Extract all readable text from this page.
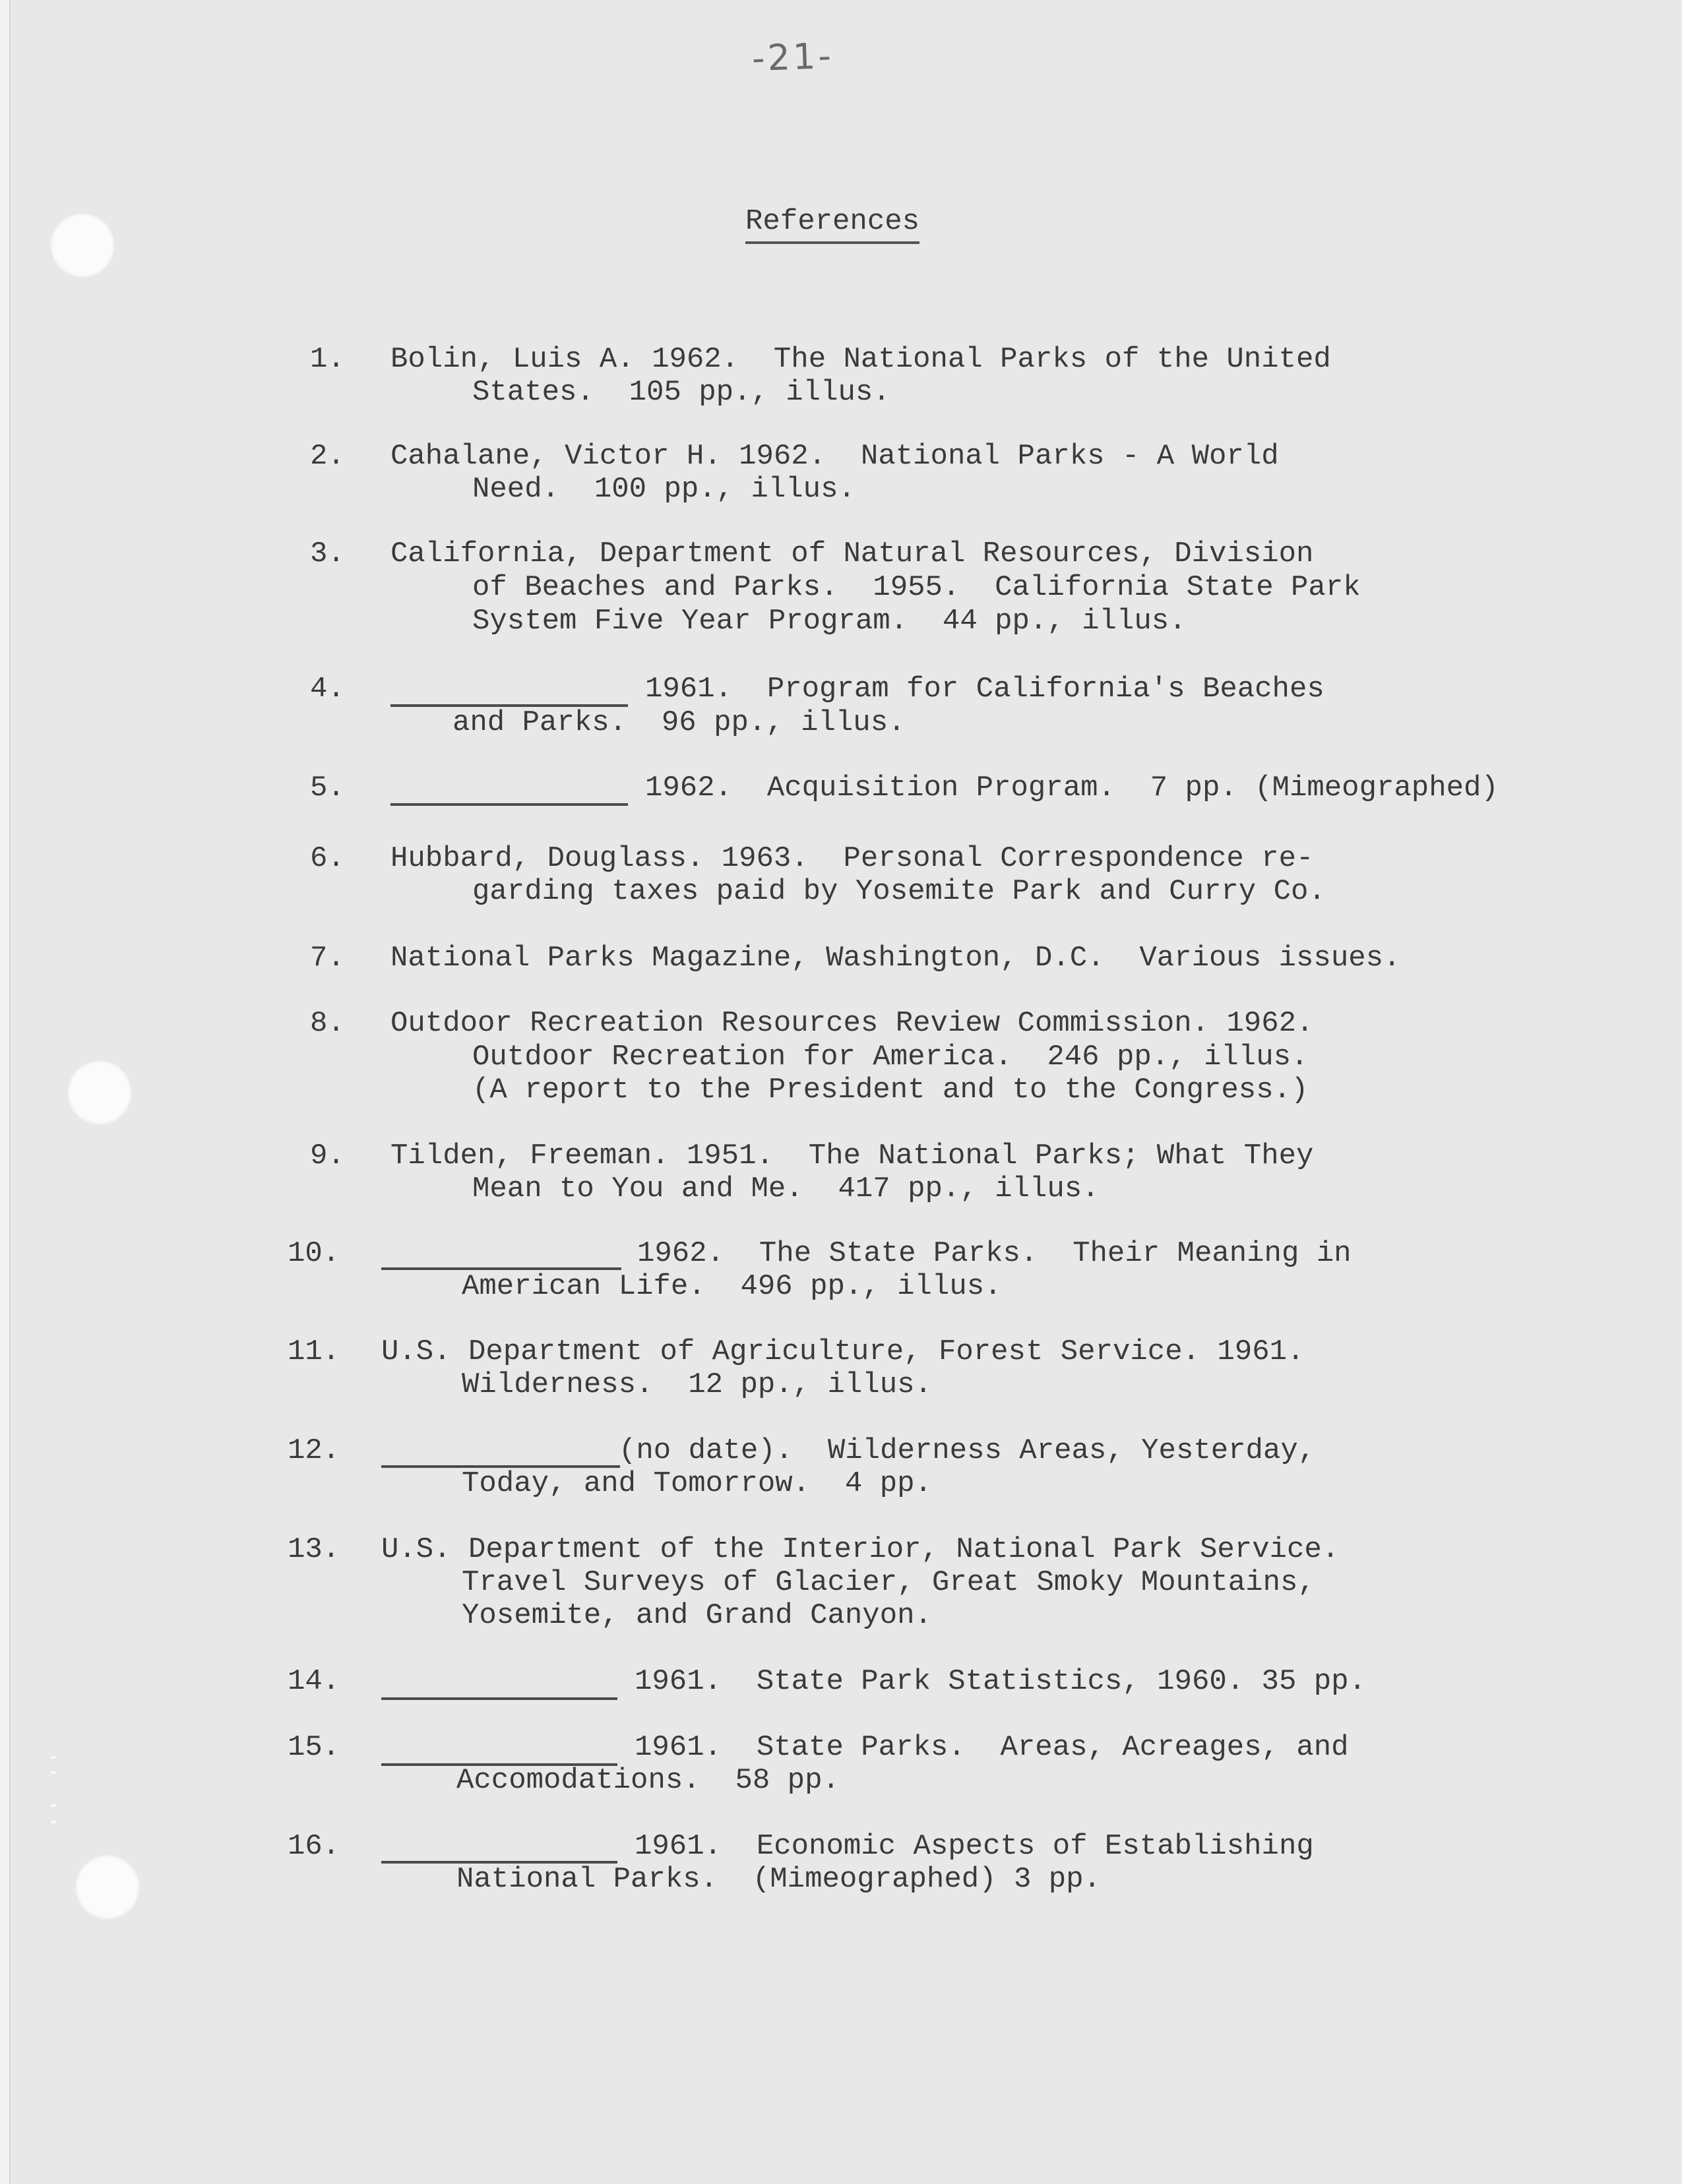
-21-
References

1.

Bolin, Luis A. 1962.  The National Parks of the United

States.  105 pp., illus.

2.

Cahalane, Victor H. 1962.  National Parks - A World

Need.  100 pp., illus.

3.

California, Department of Natural Resources, Division

of Beaches and Parks.  1955.  California State Park

System Five Year Program.  44 pp., illus.

4.

	1961.  Program for California's Beaches

and Parks.  96 pp., illus.

5.

	1962.  Acquisition Program.  7 pp. (Mimeographed)

6.

Hubbard, Douglass. 1963.  Personal Correspondence re-

garding taxes paid by Yosemite Park and Curry Co.

7.

National Parks Magazine, Washington, D.C.  Various issues.

8.

Outdoor Recreation Resources Review Commission. 1962.

Outdoor Recreation for America.  246 pp., illus.

(A report to the President and to the Congress.)

9.

Tilden, Freeman. 1951.  The National Parks; What They

Mean to You and Me.  417 pp., illus.

10.

	1962.  The State Parks.  Their Meaning in

American Life.  496 pp., illus.

11.

U.S. Department of Agriculture, Forest Service. 1961.

Wilderness.  12 pp., illus.

12.

	(no date).  Wilderness Areas, Yesterday,

Today, and Tomorrow.  4 pp.

13.

U.S. Department of the Interior, National Park Service.

Travel Surveys of Glacier, Great Smoky Mountains,

Yosemite, and Grand Canyon.

14.

	1961.  State Park Statistics, 1960. 35 pp.

15.

	1961.  State Parks.  Areas, Acreages, and

Accomodations.  58 pp.

16.

	1961.  Economic Aspects of Establishing

National Parks.  (Mimeographed) 3 pp.
